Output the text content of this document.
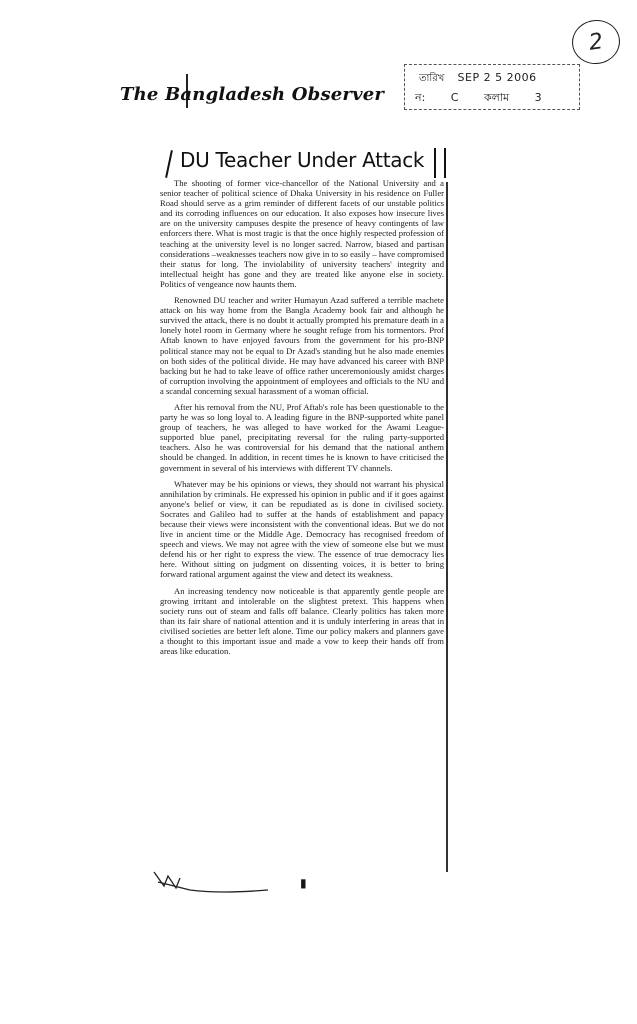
2
The Bangladesh Observer
তারিখ SEP 2 5 2006
ন: C কলাম 3
DU Teacher Under Attack

The shooting of former vice-chancellor of the National University and a senior teacher of political science of Dhaka University in his residence on Fuller Road should serve as a grim reminder of different facets of our unstable politics and its corroding influences on our education. It also exposes how insecure lives are on the university campuses despite the presence of heavy contingents of law enforcers there. What is most tragic is that the once highly respected profession of teaching at the university level is no longer sacred. Narrow, biased and partisan considerations –weaknesses teachers now give in to so easily – have compromised their status for long. The inviolability of university teachers' integrity and intellectual height has gone and they are treated like anyone else in society. Politics of vengeance now haunts them.

Renowned DU teacher and writer Humayun Azad suffered a terrible machete attack on his way home from the Bangla Academy book fair and although he survived the attack, there is no doubt it actually prompted his premature death in a lonely hotel room in Germany where he sought refuge from his tormentors. Prof Aftab known to have enjoyed favours from the government for his pro-BNP political stance may not be equal to Dr Azad's standing but he also made enemies on both sides of the political divide. He may have advanced his career with BNP backing but he had to take leave of office rather unceremoniously amidst charges of corruption involving the appointment of employees and officials to the NU and a scandal concerning sexual harassment of a woman official.

After his removal from the NU, Prof Aftab's role has been questionable to the party he was so long loyal to. A leading figure in the BNP-supported white panel group of teachers, he was alleged to have worked for the Awami League-supported blue panel, precipitating reversal for the ruling party-supported teachers. Also he was controversial for his demand that the national anthem should be changed. In addition, in recent times he is known to have criticised the government in several of his interviews with different TV channels.

Whatever may be his opinions or views, they should not warrant his physical annihilation by criminals. He expressed his opinion in public and if it goes against anyone's belief or view, it can be repudiated as is done in civilised society. Socrates and Galileo had to suffer at the hands of establishment and papacy because their views were inconsistent with the conventional ideas. But we do not live in ancient time or the Middle Age. Democracy has recognised freedom of speech and views. We may not agree with the view of someone else but we must defend his or her right to express the view. The essence of true democracy lies here. Without sitting on judgment on dissenting voices, it is better to bring forward rational argument against the view and detect its weakness.

An increasing tendency now noticeable is that apparently gentle people are growing irritant and intolerable on the slightest pretext. This happens when society runs out of steam and falls off balance. Clearly politics has taken more than its fair share of national attention and it is unduly interfering in areas that in civilised societies are better left alone. Time our policy makers and planners gave a thought to this important issue and made a vow to keep their hands off from areas like education.

▮
